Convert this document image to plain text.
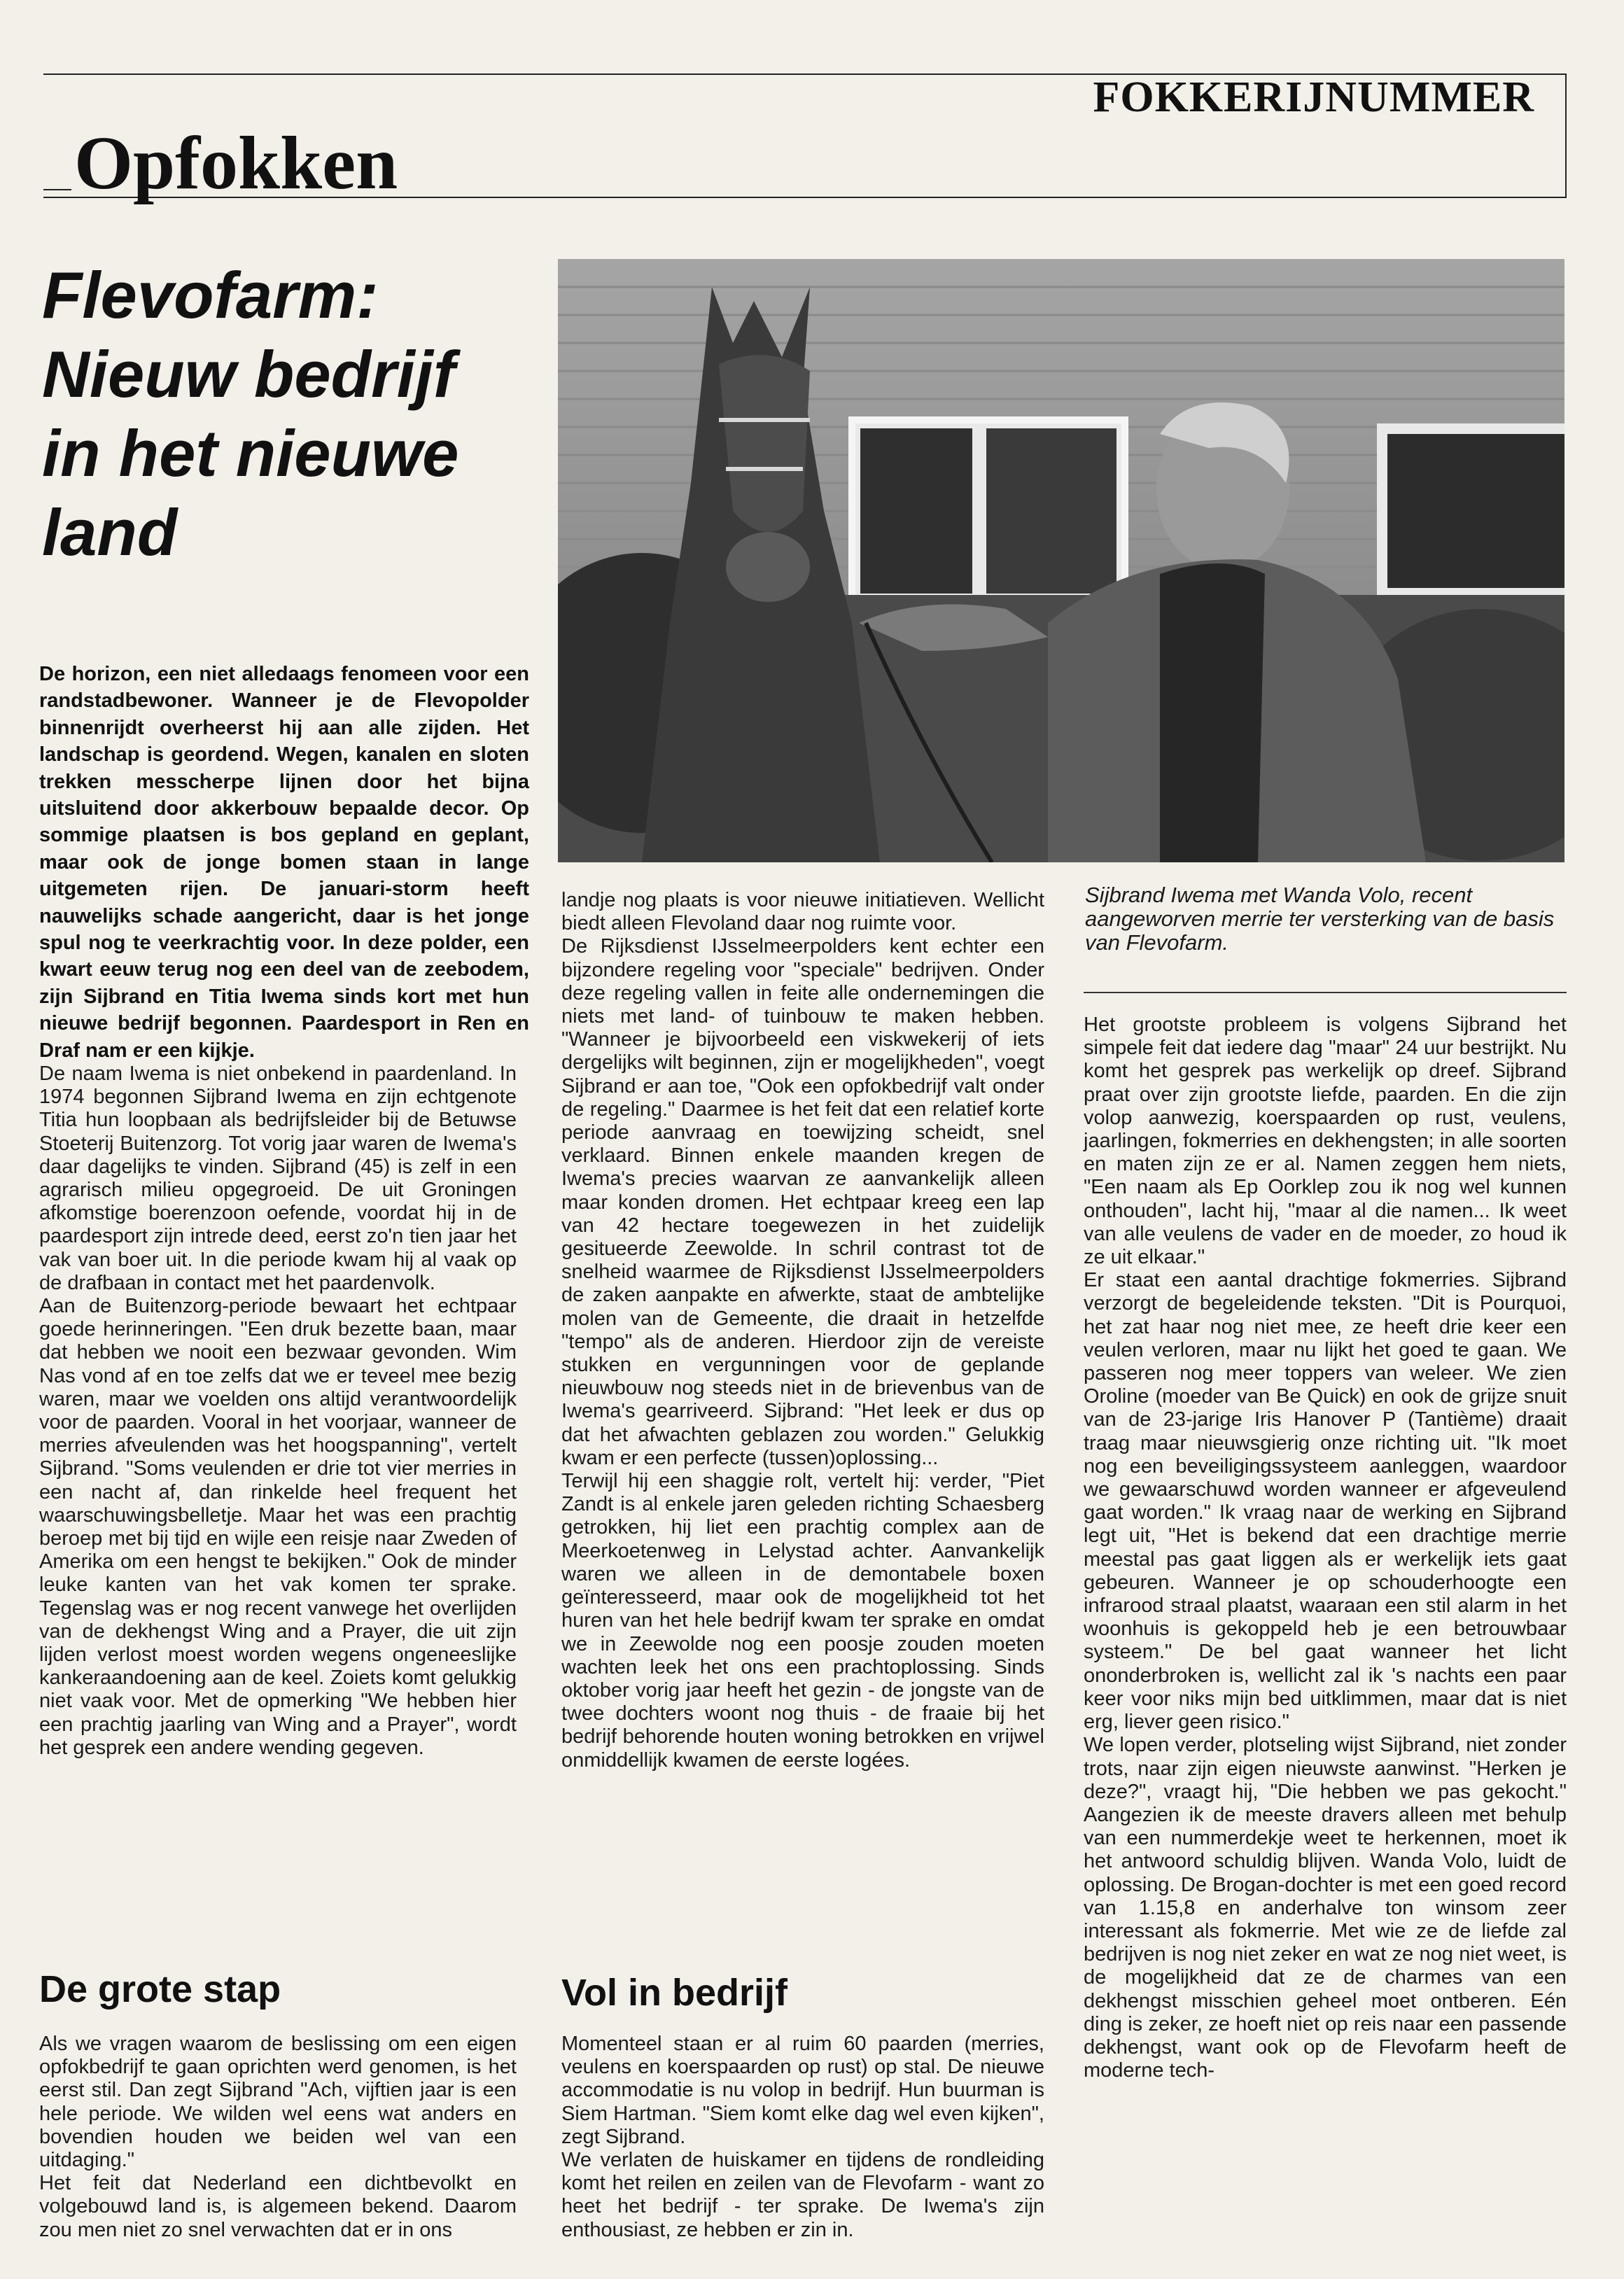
FOKKERIJNUMMER
Opfokken
Flevofarm:
Nieuw bedrijf
in het nieuwe
land
De horizon, een niet alledaags fenomeen voor een randstadbewoner. Wanneer je de Flevopolder binnenrijdt overheerst hij aan alle zijden. Het landschap is geordend. Wegen, kanalen en sloten trekken messcherpe lijnen door het bijna uitsluitend door akkerbouw bepaalde decor. Op sommige plaatsen is bos gepland en geplant, maar ook de jonge bomen staan in lange uitgemeten rijen. De januari-storm heeft nauwelijks schade aangericht, daar is het jonge spul nog te veerkrachtig voor. In deze polder, een kwart eeuw terug nog een deel van de zeebodem, zijn Sijbrand en Titia Iwema sinds kort met hun nieuwe bedrijf begonnen. Paardesport in Ren en Draf nam er een kijkje.
Sijbrand Iwema met Wanda Volo, recent aangeworven merrie ter versterking van de basis van Flevofarm.

De naam Iwema is niet onbekend in paardenland. In 1974 begonnen Sijbrand Iwema en zijn echtgenote Titia hun loopbaan als bedrijfsleider bij de Betuwse Stoeterij Buitenzorg. Tot vorig jaar waren de Iwema's daar dagelijks te vinden. Sijbrand (45) is zelf in een agrarisch milieu opgegroeid. De uit Groningen afkomstige boerenzoon oefende, voordat hij in de paardesport zijn intrede deed, eerst zo'n tien jaar het vak van boer uit. In die periode kwam hij al vaak op de drafbaan in contact met het paardenvolk.

Aan de Buitenzorg-periode bewaart het echtpaar goede herinneringen. "Een druk bezette baan, maar dat hebben we nooit een bezwaar gevonden. Wim Nas vond af en toe zelfs dat we er teveel mee bezig waren, maar we voelden ons altijd verantwoordelijk voor de paarden. Vooral in het voorjaar, wanneer de merries afveulenden was het hoogspanning", vertelt Sijbrand. "Soms veulenden er drie tot vier merries in een nacht af, dan rinkelde heel frequent het waarschuwingsbelletje. Maar het was een prachtig beroep met bij tijd en wijle een reisje naar Zweden of Amerika om een hengst te bekijken." Ook de minder leuke kanten van het vak komen ter sprake. Tegenslag was er nog recent vanwege het overlijden van de dekhengst Wing and a Prayer, die uit zijn lijden verlost moest worden wegens ongeneeslijke kankeraandoening aan de keel. Zoiets komt gelukkig niet vaak voor. Met de opmerking "We hebben hier een prachtig jaarling van Wing and a Prayer", wordt het gesprek een andere wending gegeven.

De grote stap

Als we vragen waarom de beslissing om een eigen opfokbedrijf te gaan oprichten werd genomen, is het eerst stil. Dan zegt Sijbrand "Ach, vijftien jaar is een hele periode. We wilden wel eens wat anders en bovendien houden we beiden wel van een uitdaging."

Het feit dat Nederland een dichtbevolkt en volgebouwd land is, is algemeen bekend. Daarom zou men niet zo snel verwachten dat er in ons

landje nog plaats is voor nieuwe initiatieven. Wellicht biedt alleen Flevoland daar nog ruimte voor.

De Rijksdienst IJsselmeerpolders kent echter een bijzondere regeling voor "speciale" bedrijven. Onder deze regeling vallen in feite alle ondernemingen die niets met land- of tuinbouw te maken hebben. "Wanneer je bijvoorbeeld een viskwekerij of iets dergelijks wilt beginnen, zijn er mogelijkheden", voegt Sijbrand er aan toe, "Ook een opfokbedrijf valt onder de regeling." Daarmee is het feit dat een relatief korte periode aanvraag en toewijzing scheidt, snel verklaard. Binnen enkele maanden kregen de Iwema's precies waarvan ze aanvankelijk alleen maar konden dromen. Het echtpaar kreeg een lap van 42 hectare toegewezen in het zuidelijk gesitueerde Zeewolde. In schril contrast tot de snelheid waarmee de Rijksdienst IJsselmeerpolders de zaken aanpakte en afwerkte, staat de ambtelijke molen van de Gemeente, die draait in hetzelfde "tempo" als de anderen. Hierdoor zijn de vereiste stukken en vergunningen voor de geplande nieuwbouw nog steeds niet in de brievenbus van de Iwema's gearriveerd. Sijbrand: "Het leek er dus op dat het afwachten geblazen zou worden." Gelukkig kwam er een perfecte (tussen)oplossing...

Terwijl hij een shaggie rolt, vertelt hij: verder, "Piet Zandt is al enkele jaren geleden richting Schaesberg getrokken, hij liet een prachtig complex aan de Meerkoetenweg in Lelystad achter. Aanvankelijk waren we alleen in de demontabele boxen geïnteresseerd, maar ook de mogelijkheid tot het huren van het hele bedrijf kwam ter sprake en omdat we in Zeewolde nog een poosje zouden moeten wachten leek het ons een prachtoplossing. Sinds oktober vorig jaar heeft het gezin - de jongste van de twee dochters woont nog thuis - de fraaie bij het bedrijf behorende houten woning betrokken en vrijwel onmiddellijk kwamen de eerste logées.

Vol in bedrijf

Momenteel staan er al ruim 60 paarden (merries, veulens en koerspaarden op rust) op stal. De nieuwe accommodatie is nu volop in bedrijf. Hun buurman is Siem Hartman. "Siem komt elke dag wel even kijken", zegt Sijbrand.

We verlaten de huiskamer en tijdens de rondleiding komt het reilen en zeilen van de Flevofarm - want zo heet het bedrijf - ter sprake. De Iwema's zijn enthousiast, ze hebben er zin in.

Het grootste probleem is volgens Sijbrand het simpele feit dat iedere dag "maar" 24 uur bestrijkt. Nu komt het gesprek pas werkelijk op dreef. Sijbrand praat over zijn grootste liefde, paarden. En die zijn volop aanwezig, koerspaarden op rust, veulens, jaarlingen, fokmerries en dekhengsten; in alle soorten en maten zijn ze er al. Namen zeggen hem niets, "Een naam als Ep Oorklep zou ik nog wel kunnen onthouden", lacht hij, "maar al die namen... Ik weet van alle veulens de vader en de moeder, zo houd ik ze uit elkaar."

Er staat een aantal drachtige fokmerries. Sijbrand verzorgt de begeleidende teksten. "Dit is Pourquoi, het zat haar nog niet mee, ze heeft drie keer een veulen verloren, maar nu lijkt het goed te gaan. We passeren nog meer toppers van weleer. We zien Oroline (moeder van Be Quick) en ook de grijze snuit van de 23-jarige Iris Hanover P (Tantième) draait traag maar nieuwsgierig onze richting uit. "Ik moet nog een beveiligingssysteem aanleggen, waardoor we gewaarschuwd worden wanneer er afgeveulend gaat worden." Ik vraag naar de werking en Sijbrand legt uit, "Het is bekend dat een drachtige merrie meestal pas gaat liggen als er werkelijk iets gaat gebeuren. Wanneer je op schouderhoogte een infrarood straal plaatst, waaraan een stil alarm in het woonhuis is gekoppeld heb je een betrouwbaar systeem." De bel gaat wanneer het licht ononderbroken is, wellicht zal ik 's nachts een paar keer voor niks mijn bed uitklimmen, maar dat is niet erg, liever geen risico."

We lopen verder, plotseling wijst Sijbrand, niet zonder trots, naar zijn eigen nieuwste aanwinst. "Herken je deze?", vraagt hij, "Die hebben we pas gekocht." Aangezien ik de meeste dravers alleen met behulp van een nummerdekje weet te herkennen, moet ik het antwoord schuldig blijven. Wanda Volo, luidt de oplossing. De Brogan-dochter is met een goed record van 1.15,8 en anderhalve ton winsom zeer interessant als fokmerrie. Met wie ze de liefde zal bedrijven is nog niet zeker en wat ze nog niet weet, is de mogelijkheid dat ze de charmes van een dekhengst misschien geheel moet ontberen. Eén ding is zeker, ze hoeft niet op reis naar een passende dekhengst, want ook op de Flevofarm heeft de moderne tech-
